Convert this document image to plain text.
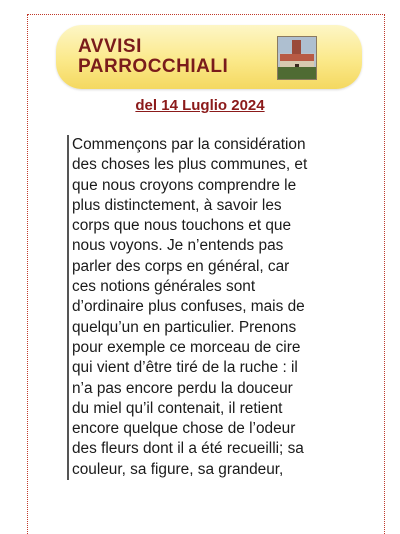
AVVISI
PARROCCHIALI
del 14 Luglio 2024
Commençons par la considération
des choses les plus communes, et
que nous croyons comprendre le
plus distinctement, à savoir les
corps que nous touchons et que
nous voyons. Je n’entends pas
parler des corps en général, car
ces notions générales sont
d’ordinaire plus confuses, mais de
quelqu’un en particulier. Prenons
pour exemple ce morceau de cire
qui vient d’être tiré de la ruche : il
n’a pas encore perdu la douceur
du miel qu’il contenait, il retient
encore quelque chose de l’odeur
des fleurs dont il a été recueilli; sa
couleur, sa figure, sa grandeur,
